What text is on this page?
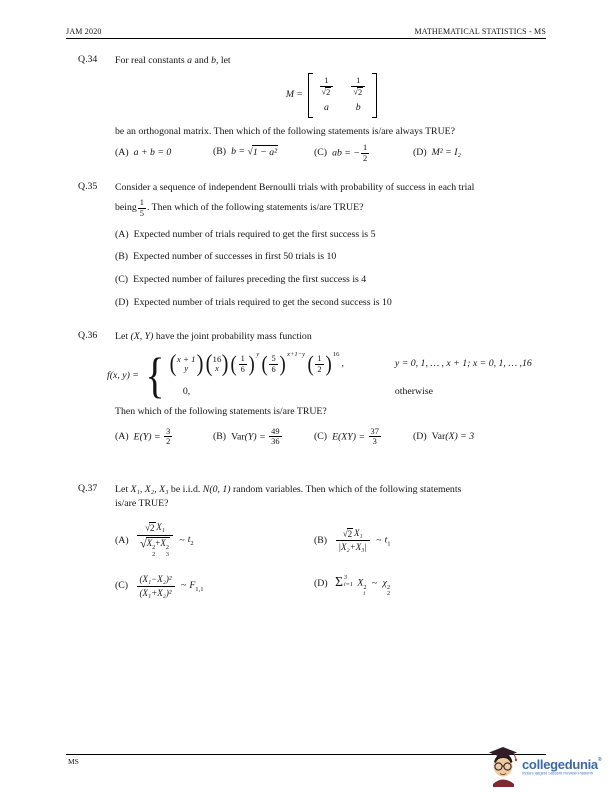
JAM 2020	MATHEMATICAL STATISTICS - MS
Q.34	For real constants a and b, let
$M = \frac{1}{√ 2} \frac{1}{√ 2}$
a	b
be an orthogonal matrix. Then which of the following statements is/are always TRUE?
(A) a + b = 0	(B) b = √ 1 − a²	(C) ab = − $\frac{1}{2}$	(D) M² = I₂
Q.35	Consider a sequence of independent Bernoulli trials with probability of success in each trial
being $\frac{1}{5}$ . Then which of the following statements is/are TRUE?
(A) Expected number of trials required to get the first success is 5
(B) Expected number of successes in first 50 trials is 10
(C) Expected number of failures preceding the first success is 4
(D) Expected number of trials required to get the second success is 10
Q.36	Let (X, Y) have the joint probability mass function
f(x, y) = { ( x + 1
y ) ( 16
x ) ( $\frac{1}{6} )^y$ ( $\frac{5}{6} )^{x+1-y}$ ( $\frac{1}{2} )^{16}$
,	y = 0, 1, … , x + 1; x = 0, 1, … ,16
0,	otherwise
Then which of the following statements is/are TRUE?
(A) $E(Y) = \frac{3}{2}$	(B) $Var(Y) = \frac{49}{36}$	(C) $E(XY) = \frac{37}{3}$	(D) Var(X) = 3
Q.37	Let X₁, X₂, X₃ be i.i.d. N(0, 1) random variables. Then which of the following statements
is/are TRUE?
(A) √ 2
  X₁
√ X 2
2
+X 2
3 ~ $t_2$	(B) √ 2
  X₁
|X₂+X₃| ~ $t_1$
$(C) \frac{\text{(X₁−X₂)²}}{\text{(X₁+X₂)²}}$ ~ $F_{1,1}$
(D) Σ 3
i=1 X 2
i
~ χ 2
2
MS	collegedunia®
India's largest Student Review Platform
